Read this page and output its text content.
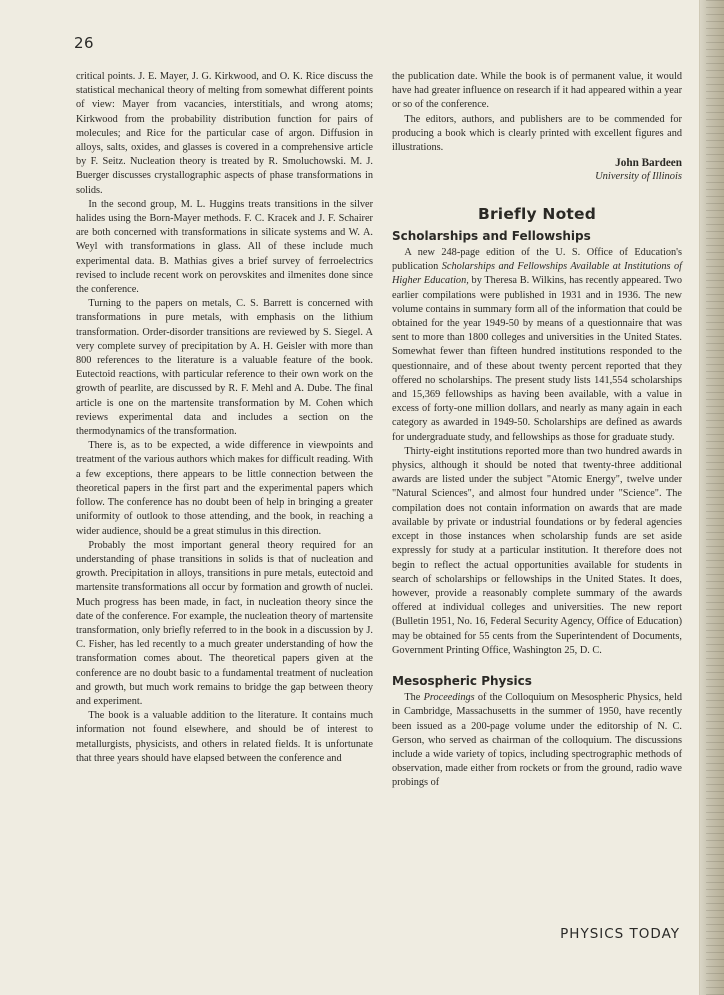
26

critical points. J. E. Mayer, J. G. Kirkwood, and O. K. Rice discuss the statistical mechanical theory of melting from somewhat different points of view: Mayer from vacancies, interstitials, and wrong atoms; Kirkwood from the probability distribution function for pairs of molecules; and Rice for the particular case of argon. Diffusion in alloys, salts, oxides, and glasses is covered in a comprehensive article by F. Seitz. Nucleation theory is treated by R. Smoluchowski. M. J. Buerger discusses crystallographic aspects of phase transformations in solids.

In the second group, M. L. Huggins treats transitions in the silver halides using the Born-Mayer methods. F. C. Kracek and J. F. Schairer are both concerned with transformations in silicate systems and W. A. Weyl with transformations in glass. All of these include much experimental data. B. Mathias gives a brief survey of ferroelectrics revised to include recent work on perovskites and ilmenites done since the conference.

Turning to the papers on metals, C. S. Barrett is concerned with transformations in pure metals, with emphasis on the lithium transformation. Order-disorder transitions are reviewed by S. Siegel. A very complete survey of precipitation by A. H. Geisler with more than 800 references to the literature is a valuable feature of the book. Eutectoid reactions, with particular reference to their own work on the growth of pearlite, are discussed by R. F. Mehl and A. Dube. The final article is one on the martensite transformation by M. Cohen which reviews experimental data and includes a section on the thermodynamics of the transformation.

There is, as to be expected, a wide difference in viewpoints and treatment of the various authors which makes for difficult reading. With a few exceptions, there appears to be little connection between the theoretical papers in the first part and the experimental papers which follow. The conference has no doubt been of help in bringing a greater uniformity of outlook to those attending, and the book, in reaching a wider audience, should be a great stimulus in this direction.

Probably the most important general theory required for an understanding of phase transitions in solids is that of nucleation and growth. Precipitation in alloys, transitions in pure metals, eutectoid and martensite transformations all occur by formation and growth of nuclei. Much progress has been made, in fact, in nucleation theory since the date of the conference. For example, the nucleation theory of martensite transformation, only briefly referred to in the book in a discussion by J. C. Fisher, has led recently to a much greater understanding of how the transformation comes about. The theoretical papers given at the conference are no doubt basic to a fundamental treatment of nucleation and growth, but much work remains to bridge the gap between theory and experiment.

The book is a valuable addition to the literature. It contains much information not found elsewhere, and should be of interest to metallurgists, physicists, and others in related fields. It is unfortunate that three years should have elapsed between the conference and

the publication date. While the book is of permanent value, it would have had greater influence on research if it had appeared within a year or so of the conference.

The editors, authors, and publishers are to be commended for producing a book which is clearly printed with excellent figures and illustrations.

John Bardeen
University of Illinois
Briefly Noted
Scholarships and Fellowships

A new 248-page edition of the U. S. Office of Education's publication Scholarships and Fellowships Available at Institutions of Higher Education, by Theresa B. Wilkins, has recently appeared. Two earlier compilations were published in 1931 and in 1936. The new volume contains in summary form all of the information that could be obtained for the year 1949-50 by means of a questionnaire that was sent to more than 1800 colleges and universities in the United States. Somewhat fewer than fifteen hundred institutions responded to the questionnaire, and of these about twenty percent reported that they offered no scholarships. The present study lists 141,554 scholarships and 15,369 fellowships as having been available, with a value in excess of forty-one million dollars, and nearly as many again in each category as awarded in 1949-50. Scholarships are defined as awards for undergraduate study, and fellowships as those for graduate study.

Thirty-eight institutions reported more than two hundred awards in physics, although it should be noted that twenty-three additional awards are listed under the subject "Atomic Energy", twelve under "Natural Sciences", and almost four hundred under "Science". The compilation does not contain information on awards that are made available by private or industrial foundations or by federal agencies except in those instances when scholarship funds are set aside expressly for study at a particular institution. It therefore does not begin to reflect the actual opportunities available for students in search of scholarships or fellowships in the United States. It does, however, provide a reasonably complete summary of the awards offered at individual colleges and universities. The new report (Bulletin 1951, No. 16, Federal Security Agency, Office of Education) may be obtained for 55 cents from the Superintendent of Documents, Government Printing Office, Washington 25, D. C.

Mesospheric Physics

The Proceedings of the Colloquium on Mesospheric Physics, held in Cambridge, Massachusetts in the summer of 1950, have recently been issued as a 200-page volume under the editorship of N. C. Gerson, who served as chairman of the colloquium. The discussions include a wide variety of topics, including spectrographic methods of observation, made either from rockets or from the ground, radio wave probings of

PHYSICS TODAY
